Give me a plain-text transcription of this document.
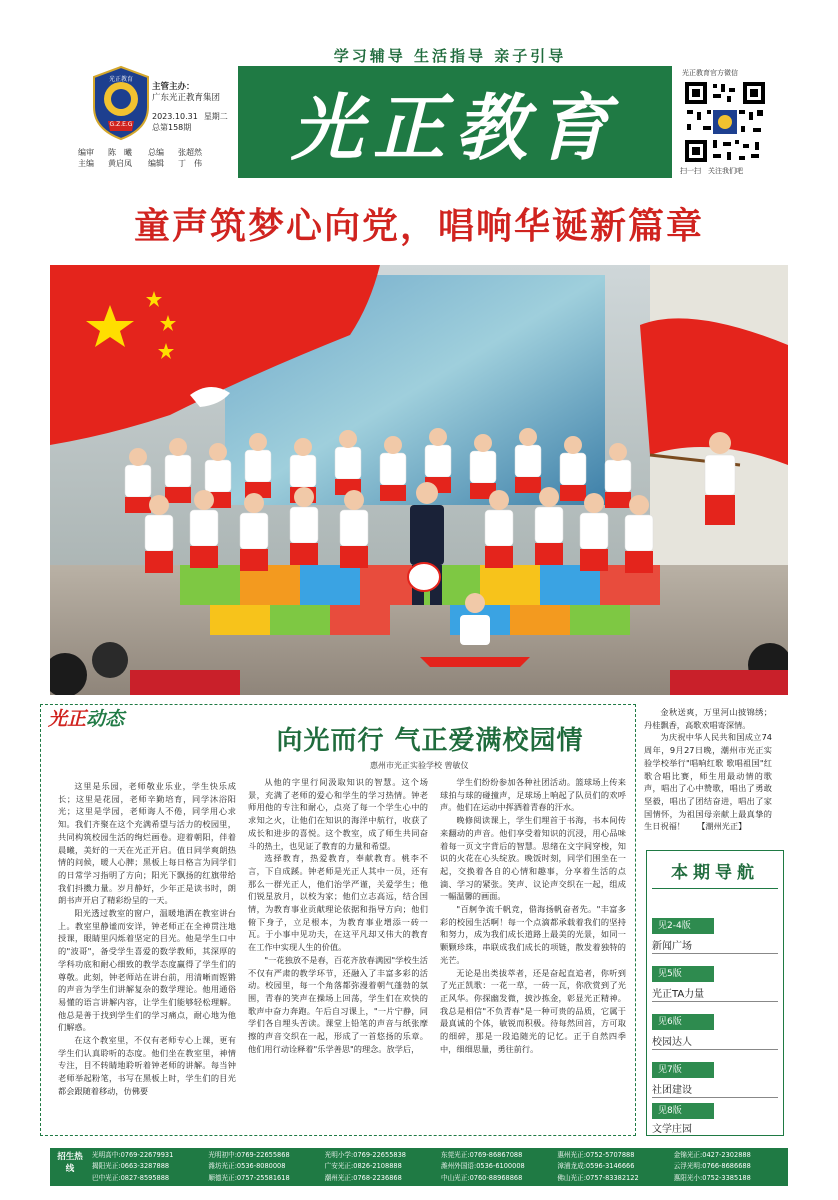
光正教育
G.Z.E.G
主管主办：
广东光正教育集团
2023.10.31 星期二
总第158期
编审	陈　曦	总编	张超然
主编	黄启凤	编辑	丁　伟
学习辅导 生活指导 亲子引导
光正教育
光正教育官方微信
扫一扫　关注我们吧
童声筑梦心向党，唱响华诞新篇章
光正动态
向光而行 气正爱满校园情
惠州市光正实验学校 曾敏仪

这里是乐园，老师敬业乐业，学生快乐成长；这里是花园，老师辛勤培育，同学沐浴阳光；这里是学园，老师诲人不倦，同学用心求知。我们齐聚在这个充满希望与活力的校园里，共同构筑校园生活的绚烂画卷。迎着朝阳，伴着晨曦，美好的一天在光正开启。值日同学爽朗热情的问候，暖人心脾；黑板上每日格言为同学们的日常学习指明了方向；阳光下飘扬的红旗带给我们抖擞力量。岁月静好，少年正是读书时，朗朗书声开启了精彩纷呈的一天。

阳光透过教室的窗户，温暖地洒在教室讲台上。教室里静谧而安详，钟老师正在全神贯注地授课，眼睛里闪烁着坚定的目光。他是学生口中的"波哥"，备受学生喜爱的数学教师，其深厚的学科功底和耐心细致的教学态度赢得了学生们的尊敬。此刻，钟老师站在讲台前，用清晰而铿锵的声音为学生们讲解复杂的数学理论。他用通俗易懂的语言讲解内容，让学生们能够轻松理解。他总是善于找到学生们的学习痛点，耐心地为他们解惑。

在这个教室里，不仅有老师专心上课，更有学生们认真聆听的态度。他们坐在教室里，神情专注，目不转睛地聆听着钟老师的讲解。每当钟老师举起粉笔，书写在黑板上时，学生们的目光都会跟随着移动，仿佛要

从他的字里行间汲取知识的智慧。这个场景，充满了老师的爱心和学生的学习热情。钟老师用他的专注和耐心，点亮了每一个学生心中的求知之火，让他们在知识的海洋中航行，收获了成长和进步的喜悦。这个教室，成了师生共同奋斗的热土，也见证了教育的力量和希望。

选择教育，热爱教育，奉献教育。桃李不言，下自成蹊。钟老师是光正人其中一员，还有那么一群光正人，他们治学严谨，关爱学生；他们锐星放月，以校为家；他们立志高远，结合国情，为教育事业贡献理论依据和指导方向；他们俯下身子，立足根本，为教育事业增添一砖一瓦。于小事中见功夫，在这平凡却又伟大的教育在工作中实现人生的价值。

"一花独放不是春，百花齐放春满园"学校生活不仅有严肃的教学环节，还融入了丰富多彩的活动。校园里，每一个角落都弥漫着朝气蓬勃的氛围，青春的笑声在操场上回荡，学生们在欢快的歌声中奋力奔跑。午后自习课上，"一片宁静，同学们各自埋头苦读。课堂上铅笔的声音与纸张摩擦的声音交织在一起，形成了一首悠扬的乐章。他们用行动诠释着"乐学善思"的理念。放学后，

学生们纷纷参加各种社团活动。篮球场上传来球拍与球的碰撞声，足球场上响起了队员们的欢呼声。他们在运动中挥洒着青春的汗水。

晚修阅读课上，学生们埋首于书海，书本间传来翻动的声音。他们享受着知识的沉浸，用心品味着每一页文字背后的智慧。思绪在文字间穿梭，知识的火花在心头绽放。晚饭时刻，同学们围坐在一起，交换着各自的心情和趣事，分享着生活的点滴、学习的紧张。笑声、议论声交织在一起，组成一幅温馨的画面。

"百舸争流千帆竞，借海扬帆奋者先。"丰富多彩的校园生活啊！每一个点滴都承载着我们的坚持和努力，成为我们成长道路上最美的光景，如同一颗颗珍珠，串联成我们成长的项链，散发着独特的光芒。

无论是出类拔萃者，还是奋起直追者，你听到了光正凯歌：一花一草，一砖一瓦，你欣赏到了光正风华。你探幽发微，披沙拣金，彰显光正精神。我总是相信"不负青春"是一种可贵的品质，它属于最真诚的个体，敏锐而积极。待每然回首，方可取的细碎，那是一段追随光的记忆。正于自然四季中，细细思量，勇往前行。

金秋送爽，万里河山披锦绣；丹桂飘香，高歌欢唱寄深情。

为庆祝中华人民共和国成立74周年，9月27日晚，潮州市光正实验学校举行"唱响红歌 歌唱祖国"红歌合唱比赛，师生用最动情的歌声，唱出了心中赞歌，唱出了勇敢坚毅，唱出了团结奋进，唱出了家国情怀，为祖国母亲献上最真挚的生日祝福！　　【潮州光正】

本期导航
见2-4版
新闻广场
见5版
光正TA力量
见6版
校园达人
见7版
社团建设
见8版
文学庄园
招生热线
光明高中:0769-22679931	光明初中:0769-22655868	光明小学:0769-22655838	东莞光正:0769-86867088	惠州光正:0752-5707888	金锦光正:0427-2302888
揭阳光正:0663-3287888	潍坊光正:0536-8080008	广安光正:0826-2108888	潍州外国语:0536-6100008	漳浦龙成:0596-3146666	云浮光明:0766-8686688
巴中光正:0827-8595888	顺德光正:0757-25581618	潮州光正:0768-2236868	中山光正:0760-88968868	佛山光正:0757-83382122	惠阳光小:0752-3385188
